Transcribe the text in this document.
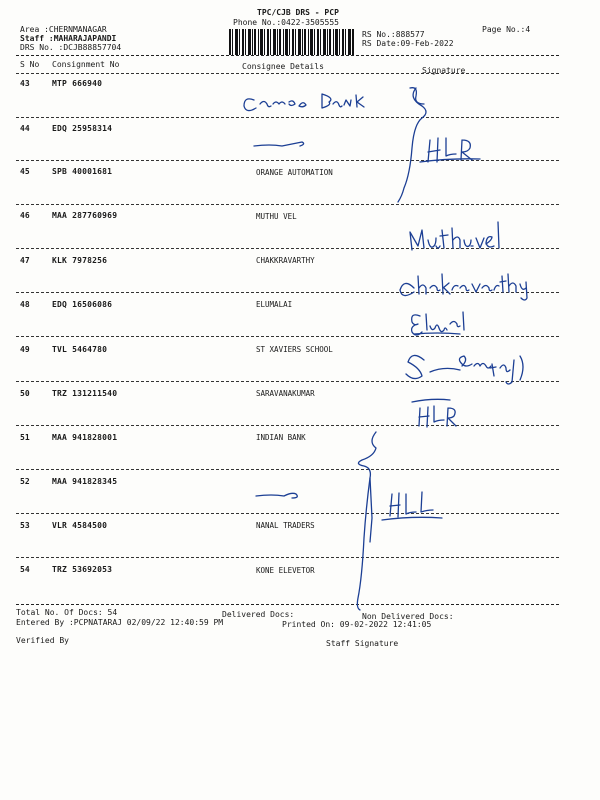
TPC/CJB DRS - PCP
Phone No.:0422-3505555
Area :CHERNMANAGAR
Staff :MAHARAJAPANDI
DRS No. :DCJB88857704
Page No.:4
RS No.:888577
RS Date:09-Feb-2022
S No Consignment No	Consignee Details	Signature
43	MTP 666940
44	EDQ 25958314
45	SPB 40001681	ORANGE AUTOMATION
46	MAA 287760969	MUTHU VEL
47	KLK 7978256	CHAKKRAVARTHY
48	EDQ 16506086	ELUMALAI
49	TVL 5464780	ST XAVIERS SCHOOL
50	TRZ 131211540	SARAVANAKUMAR
51	MAA 941828001	INDIAN BANK
52	MAA 941828345
53	VLR 4584500	NANAL TRADERS
54	TRZ 53692053	KONE ELEVETOR
Total No. Of Docs: 54	Delivered Docs:	Non Delivered Docs:
Entered By :PCPNATARAJ 02/09/22 12:40:59 PM	Printed On: 09-02-2022 12:41:05
Verified By	Staff Signature
